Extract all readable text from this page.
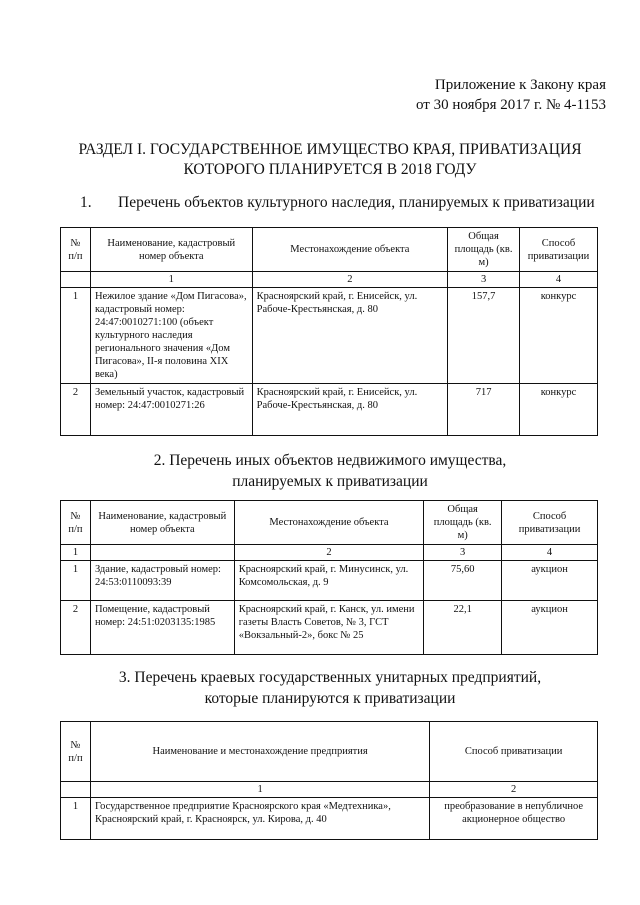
Приложение к Закону края
от 30 ноября 2017 г. № 4-1153
РАЗДЕЛ I. ГОСУДАРСТВЕННОЕ ИМУЩЕСТВО КРАЯ, ПРИВАТИЗАЦИЯ
КОТОРОГО ПЛАНИРУЕТСЯ В 2018 ГОДУ
1. Перечень объектов культурного наследия, планируемых к приватизации
№ п/п	Наименование, кадастровый номер объекта	Местонахождение объекта	Общая площадь (кв. м)	Способ приватизации
	1	2	3	4
1	Нежилое здание «Дом Пигасова», кадастровый номер: 24:47:0010271:100 (объект культурного наследия регионального значения «Дом Пигасова», II-я половина XIX века)	Красноярский край, г. Енисейск, ул. Рабоче-Крестьянская, д. 80	157,7	конкурс
2	Земельный участок, кадастровый номер: 24:47:0010271:26	Красноярский край, г. Енисейск, ул. Рабоче-Крестьянская, д. 80	717	конкурс
2. Перечень иных объектов недвижимого имущества,
планируемых к приватизации
№ п/п	Наименование, кадастровый номер объекта	Местонахождение объекта	Общая площадь (кв. м)	Способ приватизации
1		2	3	4
1	Здание, кадастровый номер: 24:53:0110093:39	Красноярский край, г. Минусинск, ул. Комсомольская, д. 9	75,60	аукцион
2	Помещение, кадастровый номер: 24:51:0203135:1985	Красноярский край, г. Канск, ул. имени газеты Власть Советов, № 3, ГСТ «Вокзальный-2», бокс № 25	22,1	аукцион
3. Перечень краевых государственных унитарных предприятий,
которые планируются к приватизации
№ п/п	Наименование и местонахождение предприятия	Способ приватизации
	1	2
1	Государственное предприятие Красноярского края «Медтехника», Красноярский край, г. Красноярск, ул. Кирова, д. 40	преобразование в непубличное акционерное общество
